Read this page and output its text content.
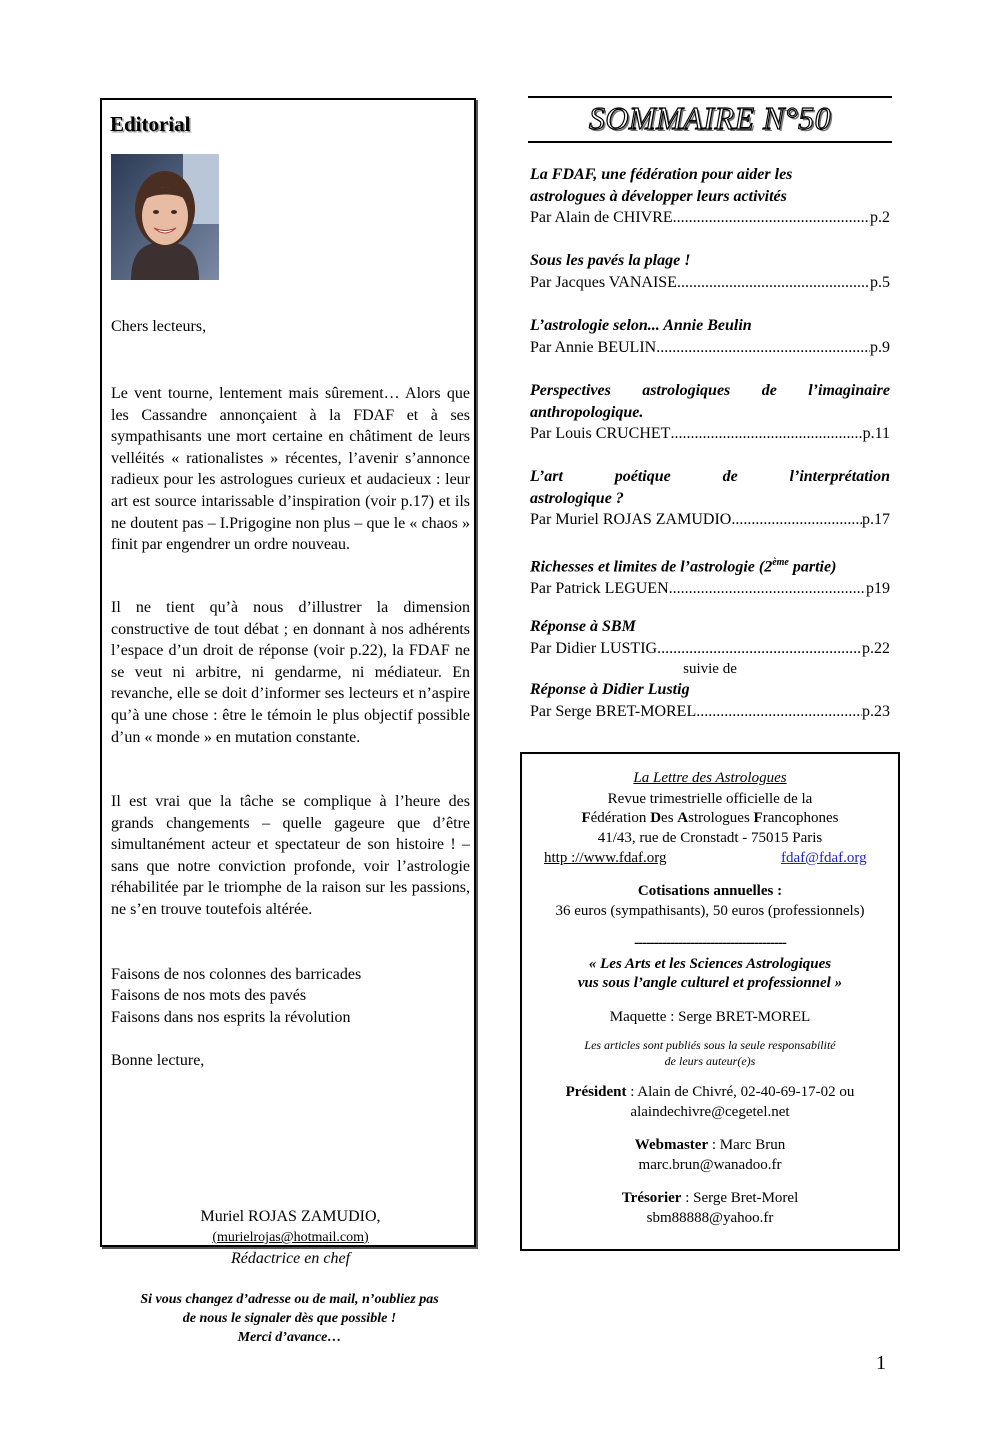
Editorial

Chers lecteurs,

Le vent tourne, lentement mais sûrement… Alors que les Cassandre annonçaient à la FDAF et à ses sympathisants une mort certaine en châtiment de leurs velléités « rationalistes » récentes, l’avenir s’annonce radieux pour les astrologues curieux et audacieux : leur art est source intarissable d’inspiration (voir p.17) et ils ne doutent pas – I.Prigogine non plus – que le « chaos » finit par engendrer un ordre nouveau.

Il ne tient qu’à nous d’illustrer la dimension constructive de tout débat ; en donnant à nos adhérents l’espace d’un droit de réponse (voir p.22), la FDAF ne se veut ni arbitre, ni gendarme, ni médiateur. En revanche, elle se doit d’informer ses lecteurs et n’aspire qu’à une chose : être le témoin le plus objectif possible d’un « monde » en mutation constante.

Il est vrai que la tâche se complique à l’heure des grands changements – quelle gageure que d’être simultanément acteur et spectateur de son histoire ! – sans que notre conviction profonde, voir l’astrologie réhabilitée par le triomphe de la raison sur les passions, ne s’en trouve toutefois altérée.

Faisons de nos colonnes des barricades

Faisons de nos mots des pavés

Faisons dans nos esprits la révolution

Bonne lecture,

Muriel ROJAS ZAMUDIO,
(murielrojas@hotmail.com)
Rédactrice en chef
Si vous changez d’adresse ou de mail, n’oubliez pas
de nous le signaler dès que possible !
Merci d’avance…
SOMMAIRE N°50
La FDAF, une fédération pour aider les
astrologues à développer leurs activités
Par Alain de CHIVRE .....	p.2
Sous les pavés la plage !
Par Jacques VANAISE .....	p.5
L’astrologie selon... Annie Beulin
Par Annie BEULIN .....	p.9
Perspectives astrologiques de l’imaginaire
anthropologique.
Par Louis CRUCHET .....	p.11
L’art poétique de l’interprétation
astrologique ?
Par Muriel ROJAS ZAMUDIO .....	p.17
Richesses et limites de l’astrologie (2ème partie)
Par Patrick LEGUEN .....	p19
Réponse à SBM
Par Didier LUSTIG .....	p.22
suivie de
Réponse à Didier Lustig
Par Serge BRET-MOREL .....	p.23
La Lettre des Astrologues
Revue trimestrielle officielle de la
Fédération Des Astrologues Francophones
41/43, rue de Cronstadt - 75015 Paris
http ://www.fdaf.org	fdaf@fdaf.org
Cotisations annuelles :
36 euros (sympathisants), 50 euros (professionnels)
--------------------------------------
« Les Arts et les Sciences Astrologiques
vus sous l’angle culturel et professionnel »
Maquette : Serge BRET-MOREL
Les articles sont publiés sous la seule responsabilité
de leurs auteur(e)s
Président : Alain de Chivré, 02-40-69-17-02 ou
alaindechivre@cegetel.net
Webmaster : Marc Brun
marc.brun@wanadoo.fr
Trésorier : Serge Bret-Morel
sbm88888@yahoo.fr
1
